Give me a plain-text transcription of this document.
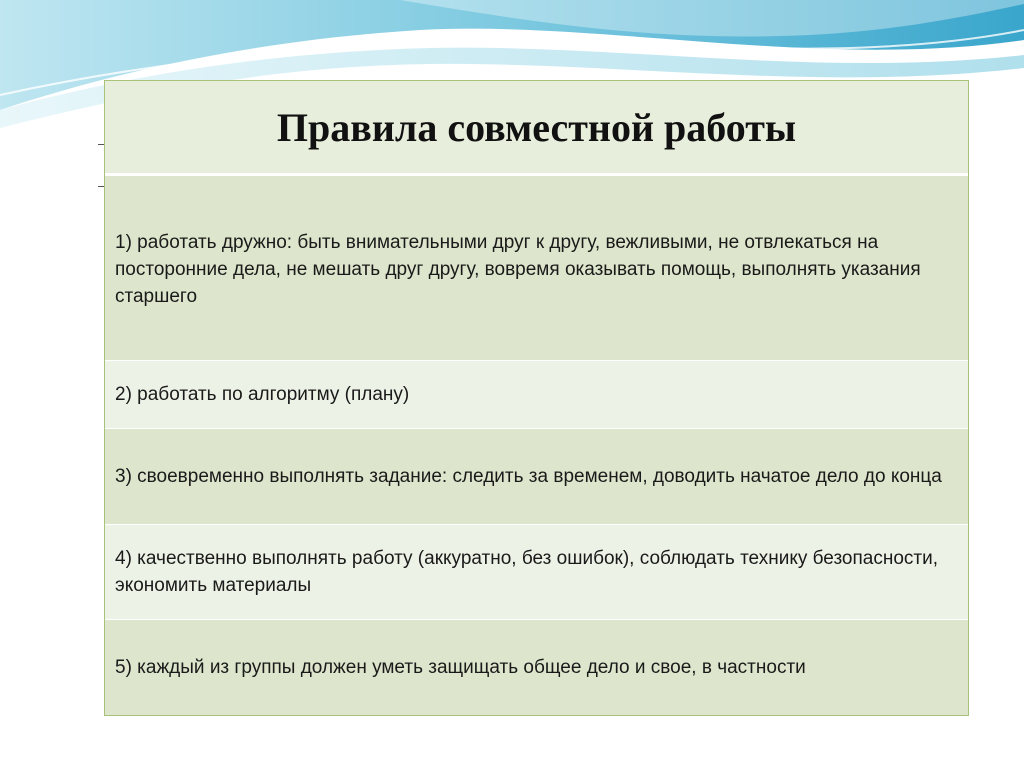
Правила совместной работы
1) работать дружно: быть внимательными друг к другу, вежливыми, не отвлекаться на посторонние дела, не мешать друг другу, вовремя оказывать помощь, выполнять указания старшего
2) работать по алгоритму (плану)
3) своевременно выполнять задание: следить за временем, доводить начатое дело до конца
4) качественно выполнять работу (аккуратно, без ошибок), соблюдать технику безопасности, экономить материалы
5) каждый из группы должен уметь защищать общее дело и свое, в частности
